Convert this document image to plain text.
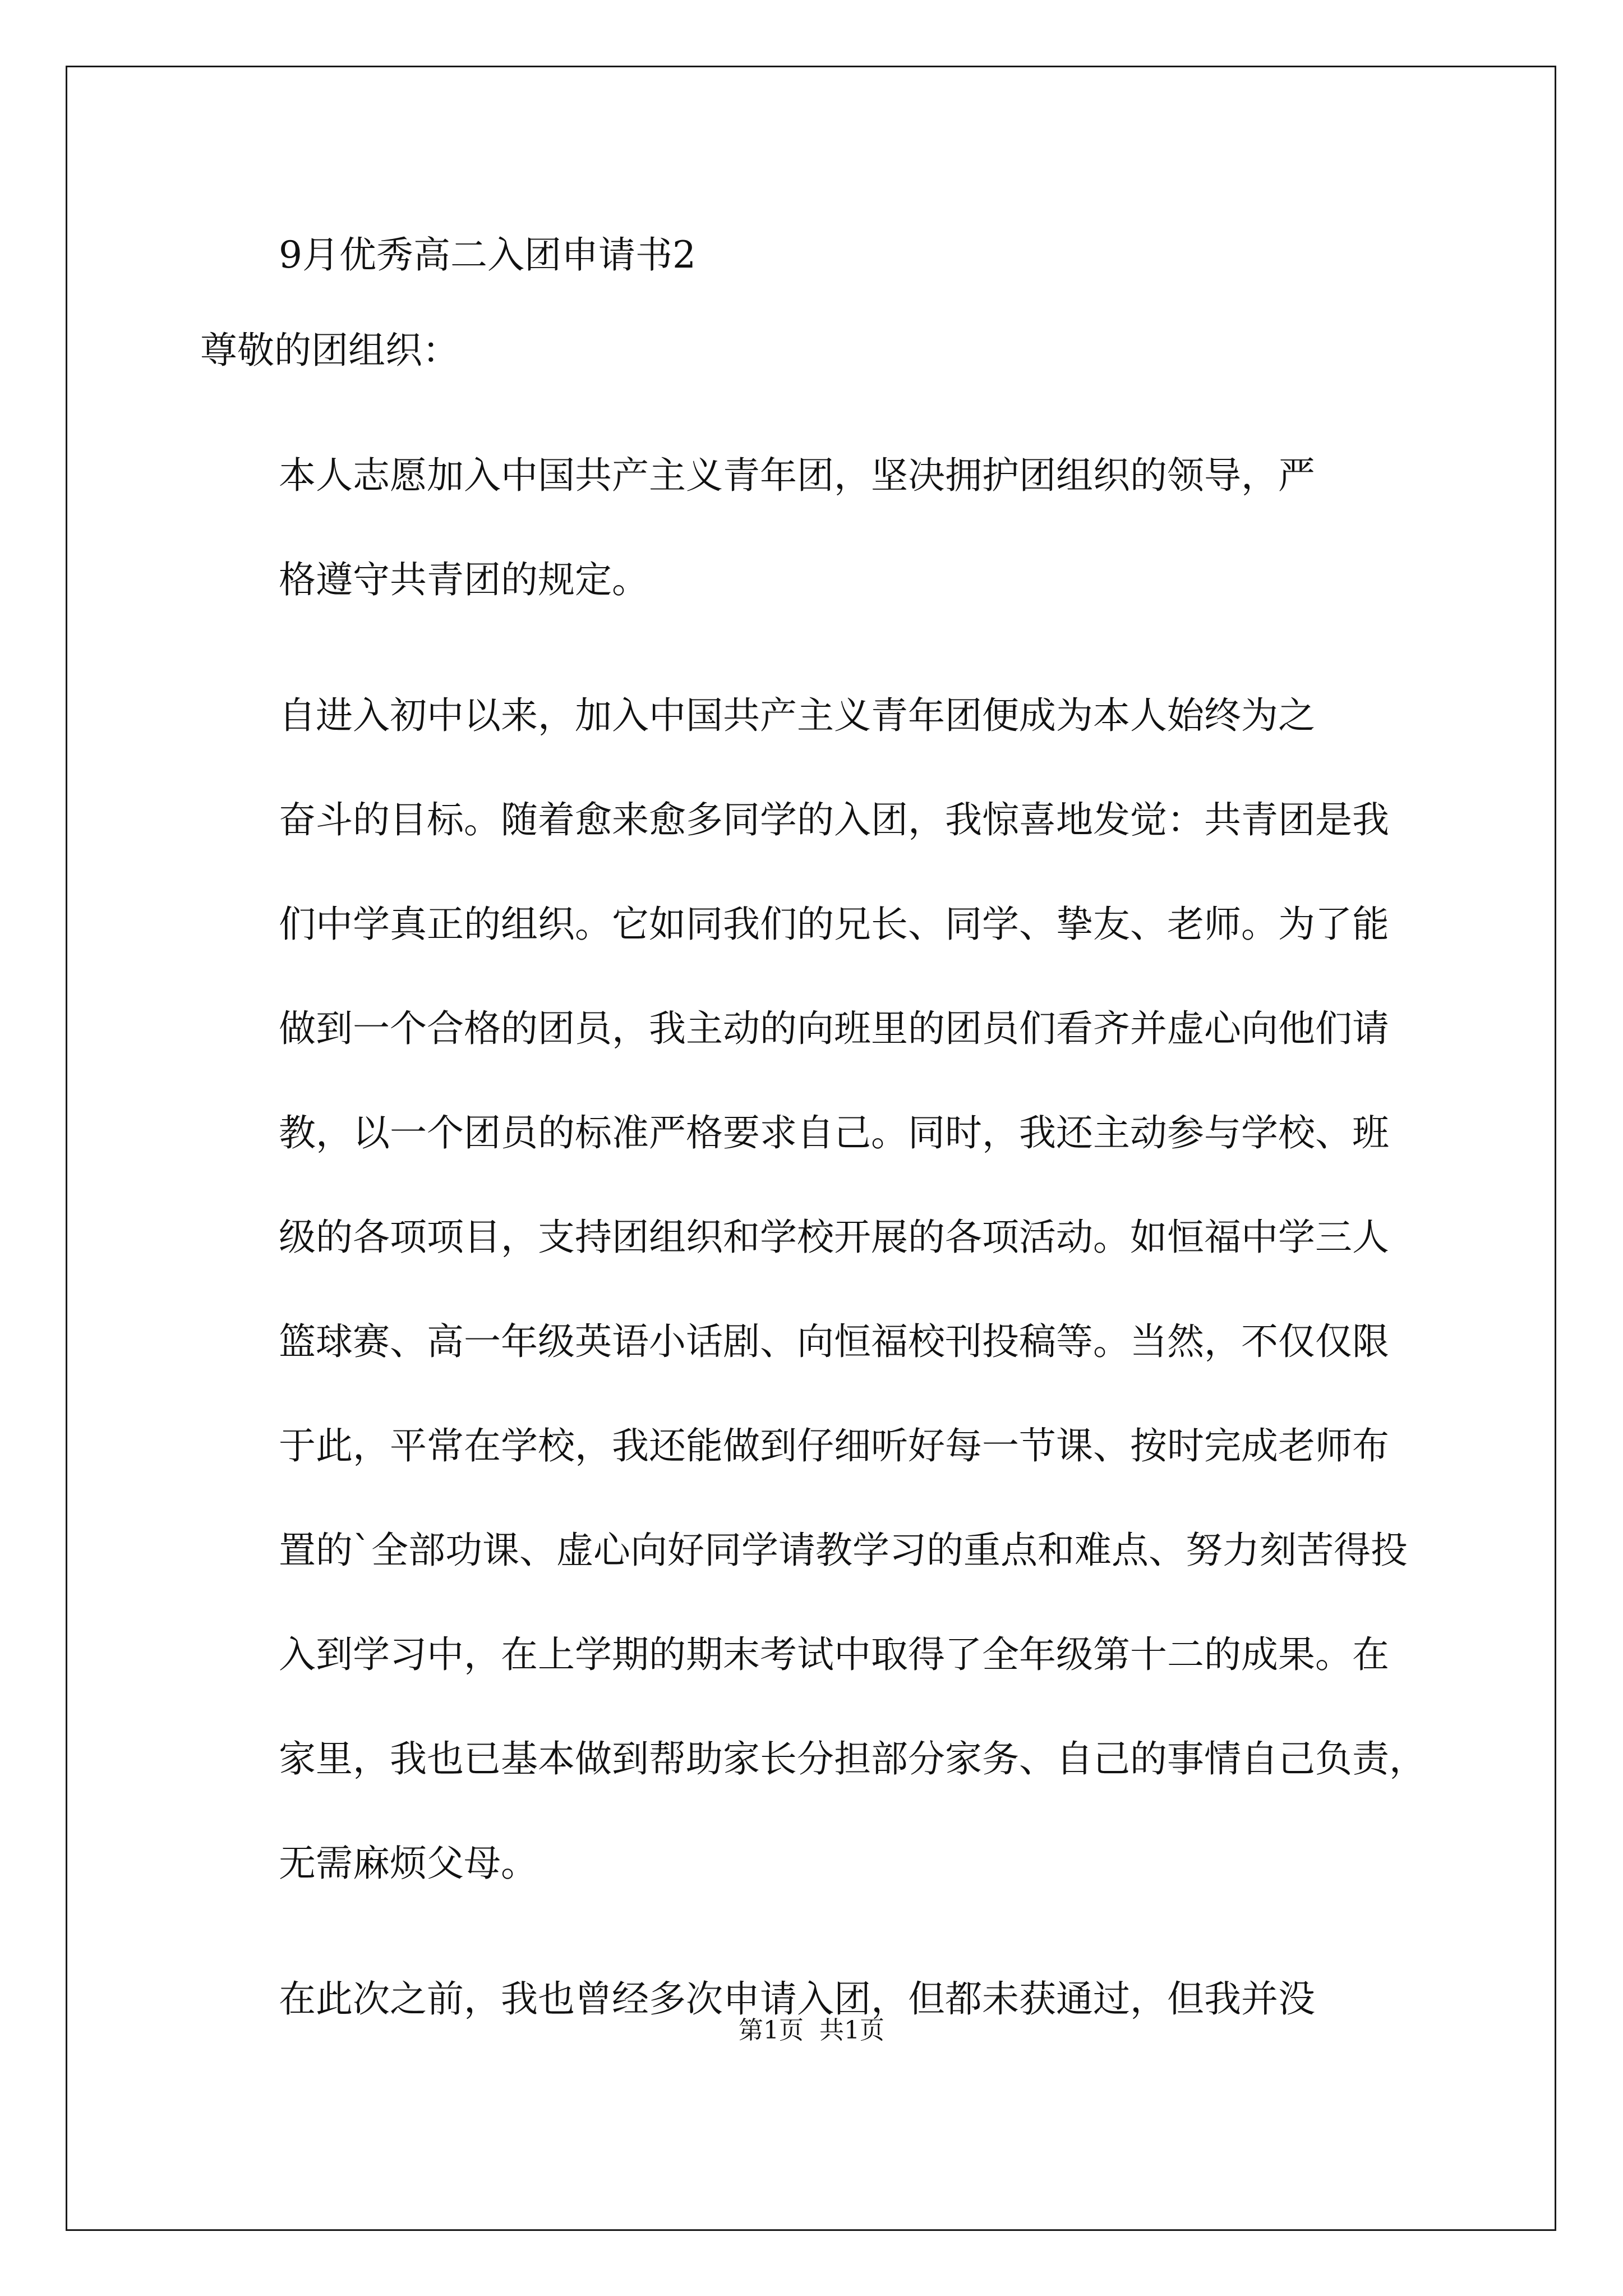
9月优秀高二入团申请书2

尊敬的团组织：

本人志愿加入中国共产主义青年团，坚决拥护团组织的领导，严
格遵守共青团的规定。

自进入初中以来，加入中国共产主义青年团便成为本人始终为之
奋斗的目标。随着愈来愈多同学的入团，我惊喜地发觉：共青团是我
们中学真正的组织。它如同我们的兄长、同学、挚友、老师。为了能
做到一个合格的团员，我主动的向班里的团员们看齐并虚心向他们请
教，以一个团员的标准严格要求自己。同时，我还主动参与学校、班
级的各项项目，支持团组织和学校开展的各项活动。如恒福中学三人
篮球赛、高一年级英语小话剧、向恒福校刊投稿等。当然，不仅仅限
于此，平常在学校，我还能做到仔细听好每一节课、按时完成老师布
置的`全部功课、虚心向好同学请教学习的重点和难点、努力刻苦得投
入到学习中，在上学期的期末考试中取得了全年级第十二的成果。在
家里，我也已基本做到帮助家长分担部分家务、自己的事情自己负责，
无需麻烦父母。

在此次之前，我也曾经多次申请入团，但都未获通过，但我并没

第1页  共1页
